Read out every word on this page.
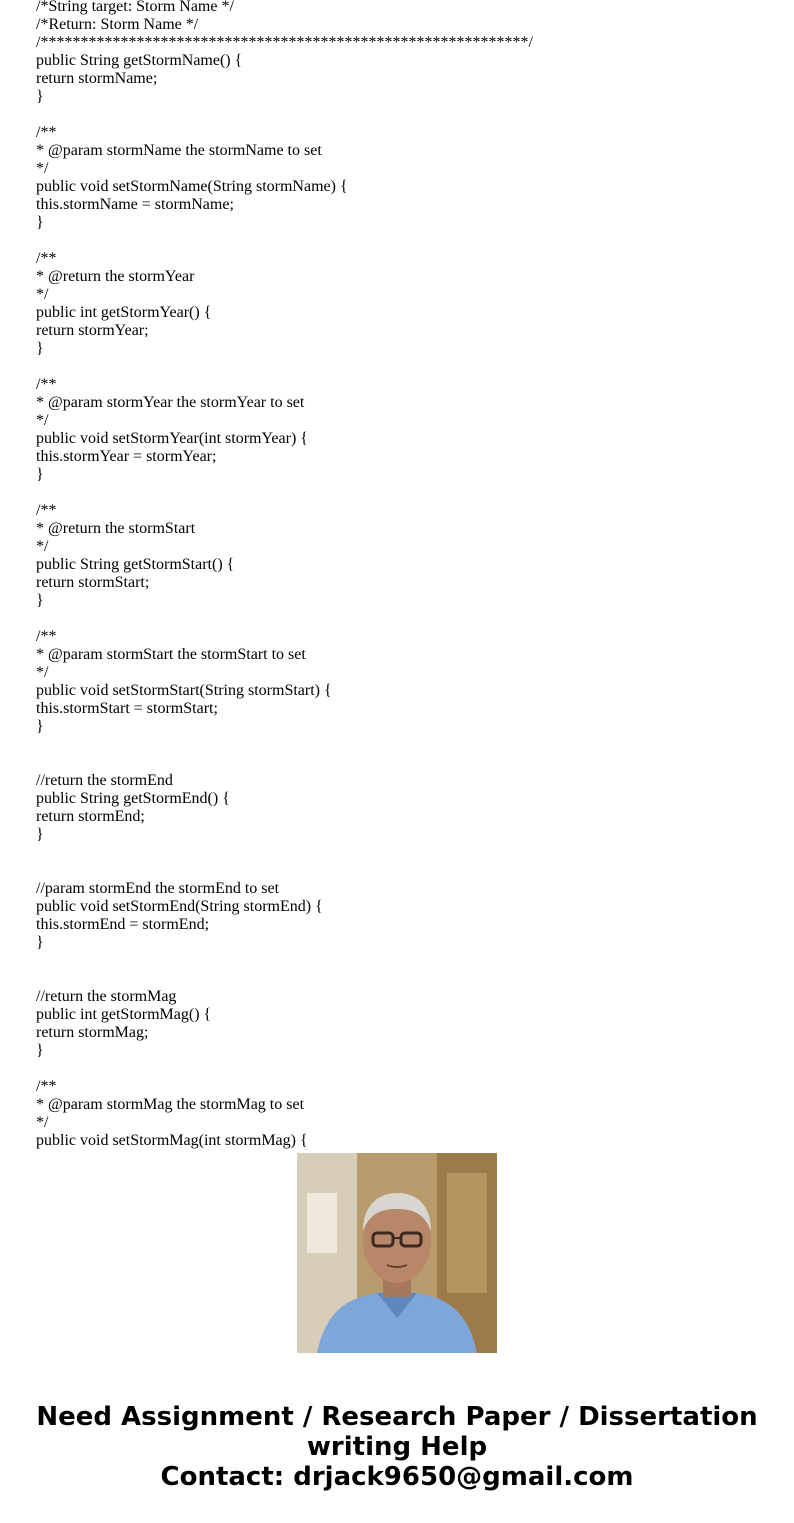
/*String target: Storm Name */
/*Return: Storm Name */
/*************************************************************/
public String getStormName() {
return stormName;
}
/**
* @param stormName the stormName to set
*/
public void setStormName(String stormName) {
this.stormName = stormName;
}
/**
* @return the stormYear
*/
public int getStormYear() {
return stormYear;
}
/**
* @param stormYear the stormYear to set
*/
public void setStormYear(int stormYear) {
this.stormYear = stormYear;
}
/**
* @return the stormStart
*/
public String getStormStart() {
return stormStart;
}
/**
* @param stormStart the stormStart to set
*/
public void setStormStart(String stormStart) {
this.stormStart = stormStart;
}
//return the stormEnd
public String getStormEnd() {
return stormEnd;
}
//param stormEnd the stormEnd to set
public void setStormEnd(String stormEnd) {
this.stormEnd = stormEnd;
}
//return the stormMag
public int getStormMag() {
return stormMag;
}
/**
* @param stormMag the stormMag to set
*/
public void setStormMag(int stormMag) {
Need Assignment / Research Paper / Dissertation
writing Help
Contact: drjack9650@gmail.com
